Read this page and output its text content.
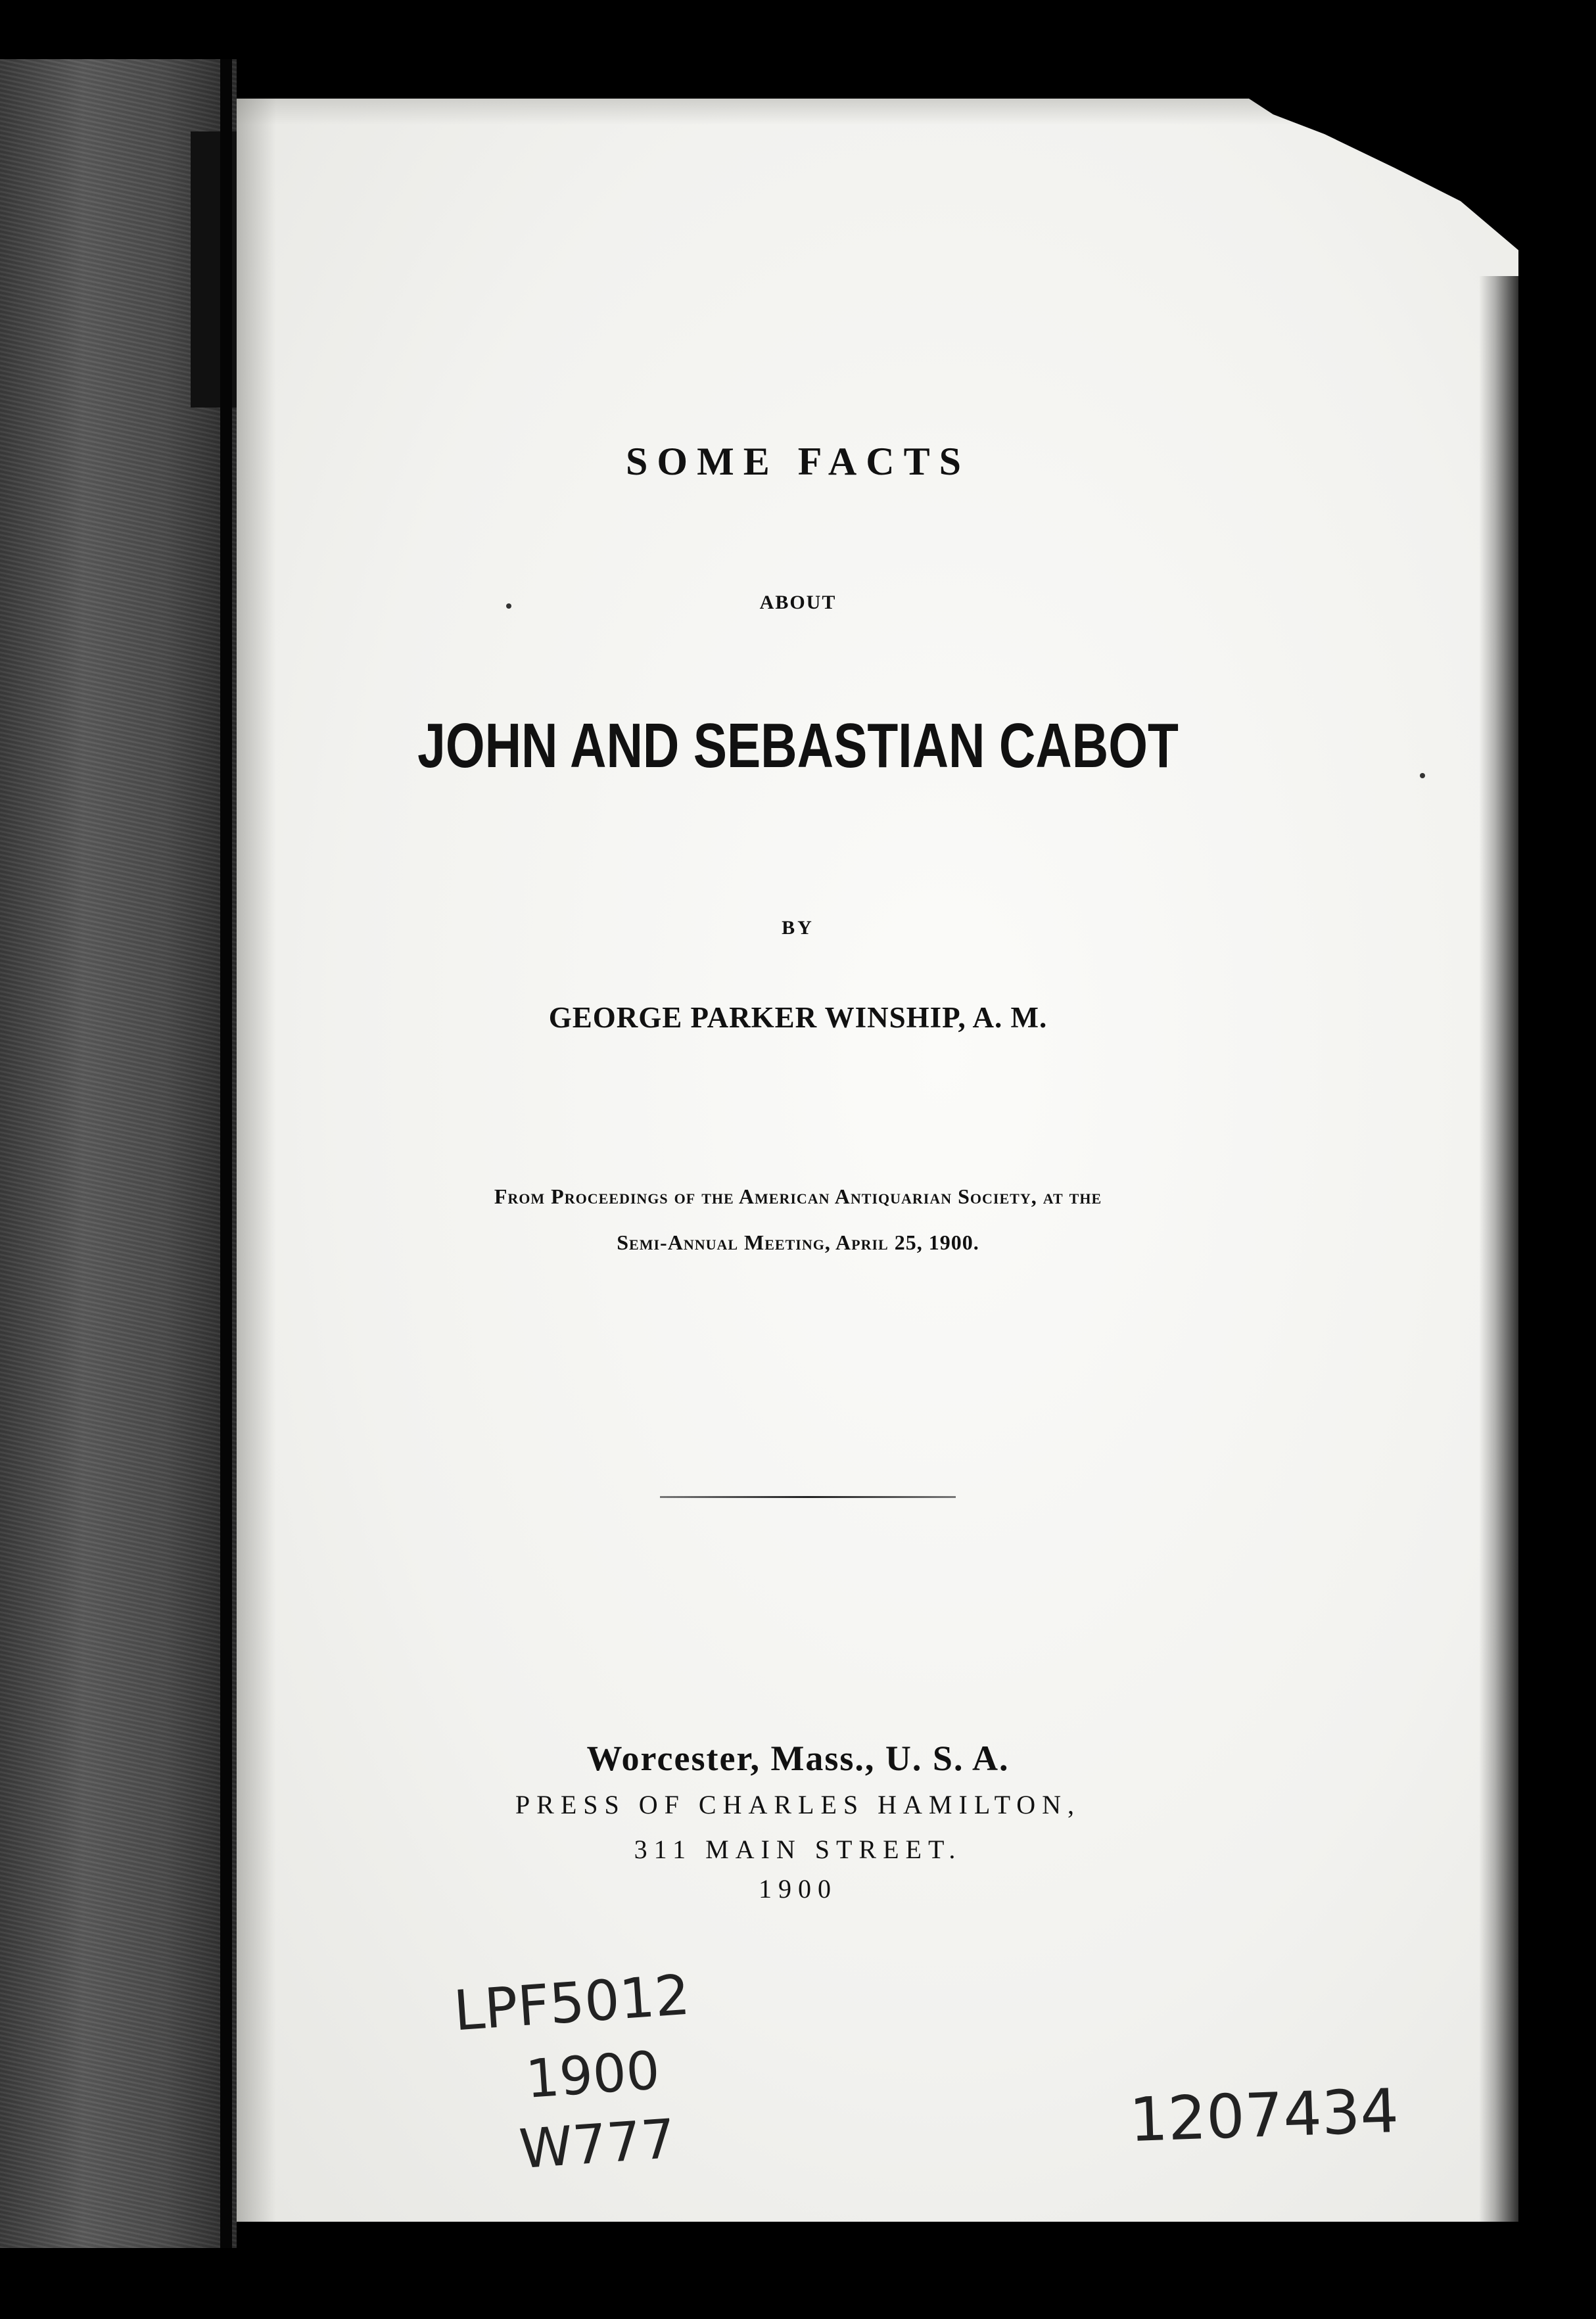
SOME FACTS
ABOUT
JOHN AND SEBASTIAN CABOT
BY
GEORGE PARKER WINSHIP, A. M.
From Proceedings of the American Antiquarian Society, at the
Semi-Annual Meeting, April 25, 1900.
Worcester, Mass., U. S. A.
PRESS OF CHARLES HAMILTON,
311 MAIN STREET.
1900
LPF5012
1900
W777	1207434
